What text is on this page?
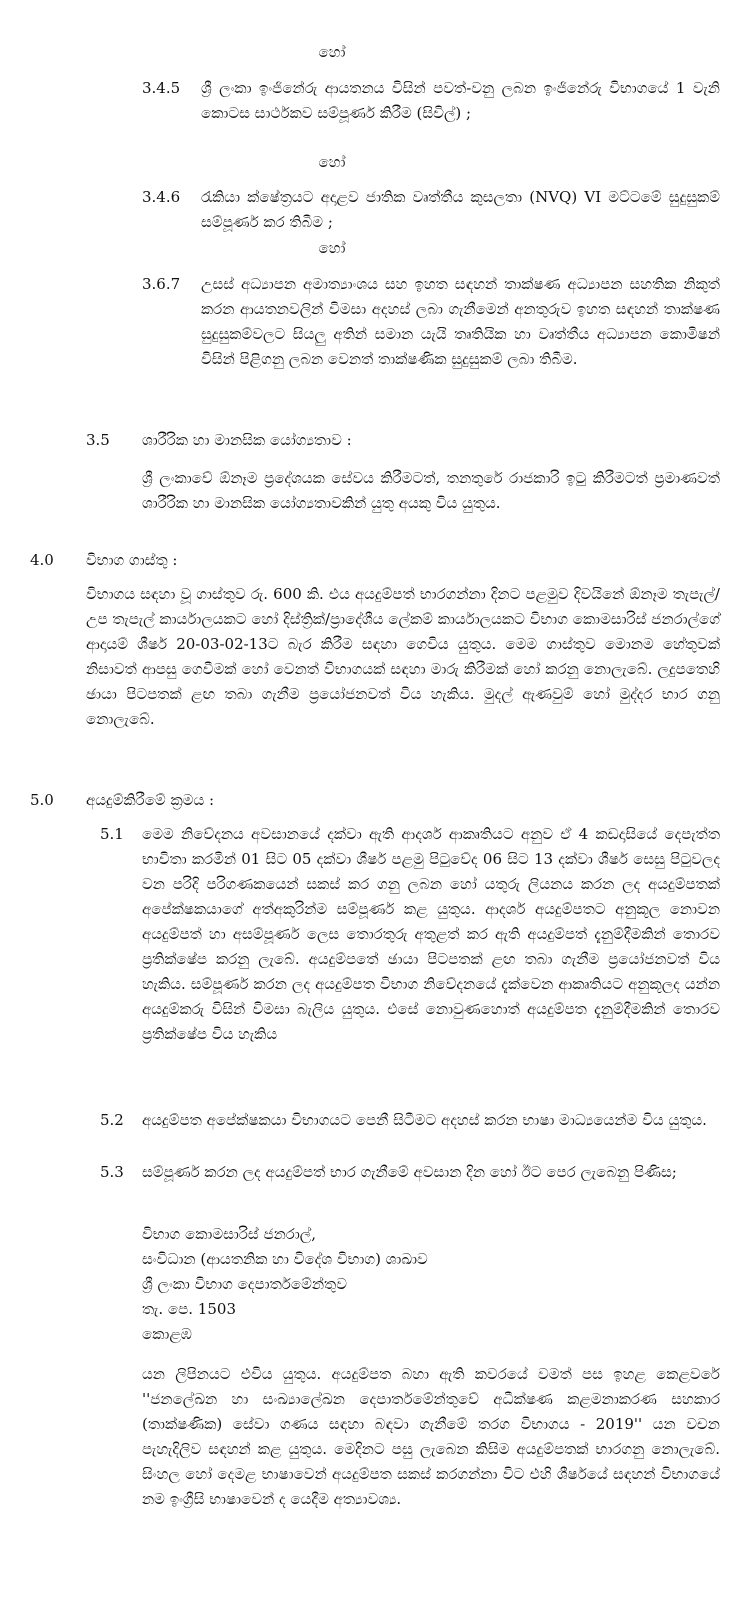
හෝ
3.4.5 ශ්‍රී ලංකා ඉංජිනේරු ආයතනය විසින් පවත්-වනු ලබන ඉංජිනේරු විභාගයේ 1 වැනි කොටස සාර්ථකව සම්පූර්ණ කිරීම (සිවිල්) ;

හෝ
3.4.6 රැකියා ක්ෂේත්‍රයට අදාළව ජාතික වෘත්තීය කුසලතා (NVQ) VI මට්ටමේ සුදුසුකම් සම්පූර්ණ කර තිබීම ;

හෝ
3.6.7 උසස් අධ්‍යාපන අමාත්‍යාංශය සහ ඉහත සඳහන් තාක්ෂණ අධ්‍යාපන සහතික නිකුත් කරන ආයතනවලින් විමසා අදහස් ලබා ගැනීමෙන් අනතුරුව ඉහත සඳහන් තාක්ෂණ සුදුසුකම්වලට සියලු අතින් සමාන යැයි තෘතියික හා වෘත්තීය අධ්‍යාපන කොමිෂන් විසින් පිළිගනු ලබන වෙනත් තාක්ෂණික සුදුසුකම් ලබා තිබීම.

3.5 ශාරීරික හා මානසික යෝග්‍යතාව :

ශ්‍රී ලංකාවේ ඕනෑම ප්‍රදේශයක සේවය කිරීමටත්, තනතුරේ රාජකාරි ඉටු කිරීමටත් ප්‍රමාණවත් ශාරීරික හා මානසික යෝග්‍යතාවකින් යුතු අයකු විය යුතුය.

4.0 විභාග ගාස්තු :

විභාගය සඳහා වූ ගාස්තුව රු. 600 කි. එය අයදුම්පත් භාරගන්නා දිනට පළමුව දිවයිනේ ඕනෑම තැපැල්/උප තැපැල් කාර්යාලයකට හෝ දිස්ත්‍රික්/ප්‍රාදේශීය ලේකම් කාර්යාලයකට විභාග කොමසාරිස් ජනරාල්ගේ ආදායම් ශීර්ෂ 20-03-02-13ට බැර කිරීම සඳහා ගෙවිය යුතුය. මෙම ගාස්තුව මොනම හේතුවක් නිසාවත් ආපසු ගෙවීමක් හෝ වෙනත් විභාගයක් සඳහා මාරු කිරීමක් හෝ කරනු නොලැබේ. ලදුපතෙහි ඡායා පිටපතක් ළඟ තබා ගැනීම ප්‍රයෝජනවත් විය හැකිය. මුදල් ඇණවුම් හෝ මුද්දර භාර ගනු නොලැබේ.

5.0 අයදුම්කිරීමේ ක්‍රමය :
5.1 මෙම නිවේදනය අවසානයේ දක්වා ඇති ආදර්ශ ආකෘතියට අනුව ඒ 4 කඩදාසියේ දෙපැත්ත භාවිතා කරමින් 01 සිට 05 දක්වා ශීර්ෂ පළමු පිටුවේද 06 සිට 13 දක්වා ශීර්ෂ සෙසු පිටුවලද වන පරිදි පරිගණකයෙන් සකස් කර ගනු ලබන හෝ යතුරු ලියනය කරන ලද අයදුම්පතක් අපේක්ෂකයාගේ අත්අකුරින්ම සම්පූර්ණ කළ යුතුය. ආදර්ශ අයදුම්පතට අනුකූල නොවන අයදුම්පත් හා අසම්පූර්ණ ලෙස තොරතුරු අතුළත් කර ඇති අයදුම්පත් දැනුම්දීමකින් තොරව ප්‍රතික්ෂේප කරනු ලැබේ. අයදුම්පතේ ඡායා පිටපතක් ළඟ තබා ගැනීම ප්‍රයෝජනවත් විය හැකිය. සම්පූර්ණ කරන ලද අයදුම්පත විභාග නිවේදනයේ දැක්වෙන ආකෘතියට අනුකූලද යන්න අයදුම්කරු විසින් විමසා බැලිය යුතුය. එසේ නොවුණහොත් අයදුම්පත දැනුම්දීමකින් තොරව ප්‍රතික්ෂේප විය හැකිය

5.2 අයදුම්පත අපේක්ෂකයා විභාගයට පෙනී සිටීමට අදහස් කරන භාෂා මාධ්‍යයෙන්ම විය යුතුය.

5.3 සම්පූර්ණ කරන ලද අයදුම්පත් භාර ගැනීමේ අවසාන දින හෝ ඊට පෙර ලැබෙනු පිණිස;

විභාග කොමසාරිස් ජනරාල්,
සංවිධාන (ආයතනික හා විදේශ විභාග) ශාඛාව
ශ්‍රී ලංකා විභාග දෙපාර්තමේන්තුව
තැ. පෙ. 1503
කොළඹ

යන ලිපිනයට එවිය යුතුය. අයදුම්පත බහා ඇති කවරයේ වමත් පස ඉහළ කෙළවරේ ''ජනලේඛන හා සංඛ්‍යාලේඛන දෙපාර්තමේන්තුවේ අධීක්ෂණ කළමනාකරණ සහකාර (තාක්ෂණික) සේවා ගණය සඳහා බඳවා ගැනීමේ තරග විභාගය - 2019'' යන වචන පැහැදිලිව සඳහන් කළ යුතුය. මෙදිනට පසු ලැබෙන කිසිම අයදුම්පතක් භාරගනු නොලැබේ. සිංහල හෝ දෙමළ භාෂාවෙන් අයදුම්පත සකස් කරගන්නා විට එහි ශීර්ෂයේ සඳහන් විභාගයේ නම ඉංග්‍රීසි භාෂාවෙන් ද යෙදීම අත්‍යාවශ්‍ය.
